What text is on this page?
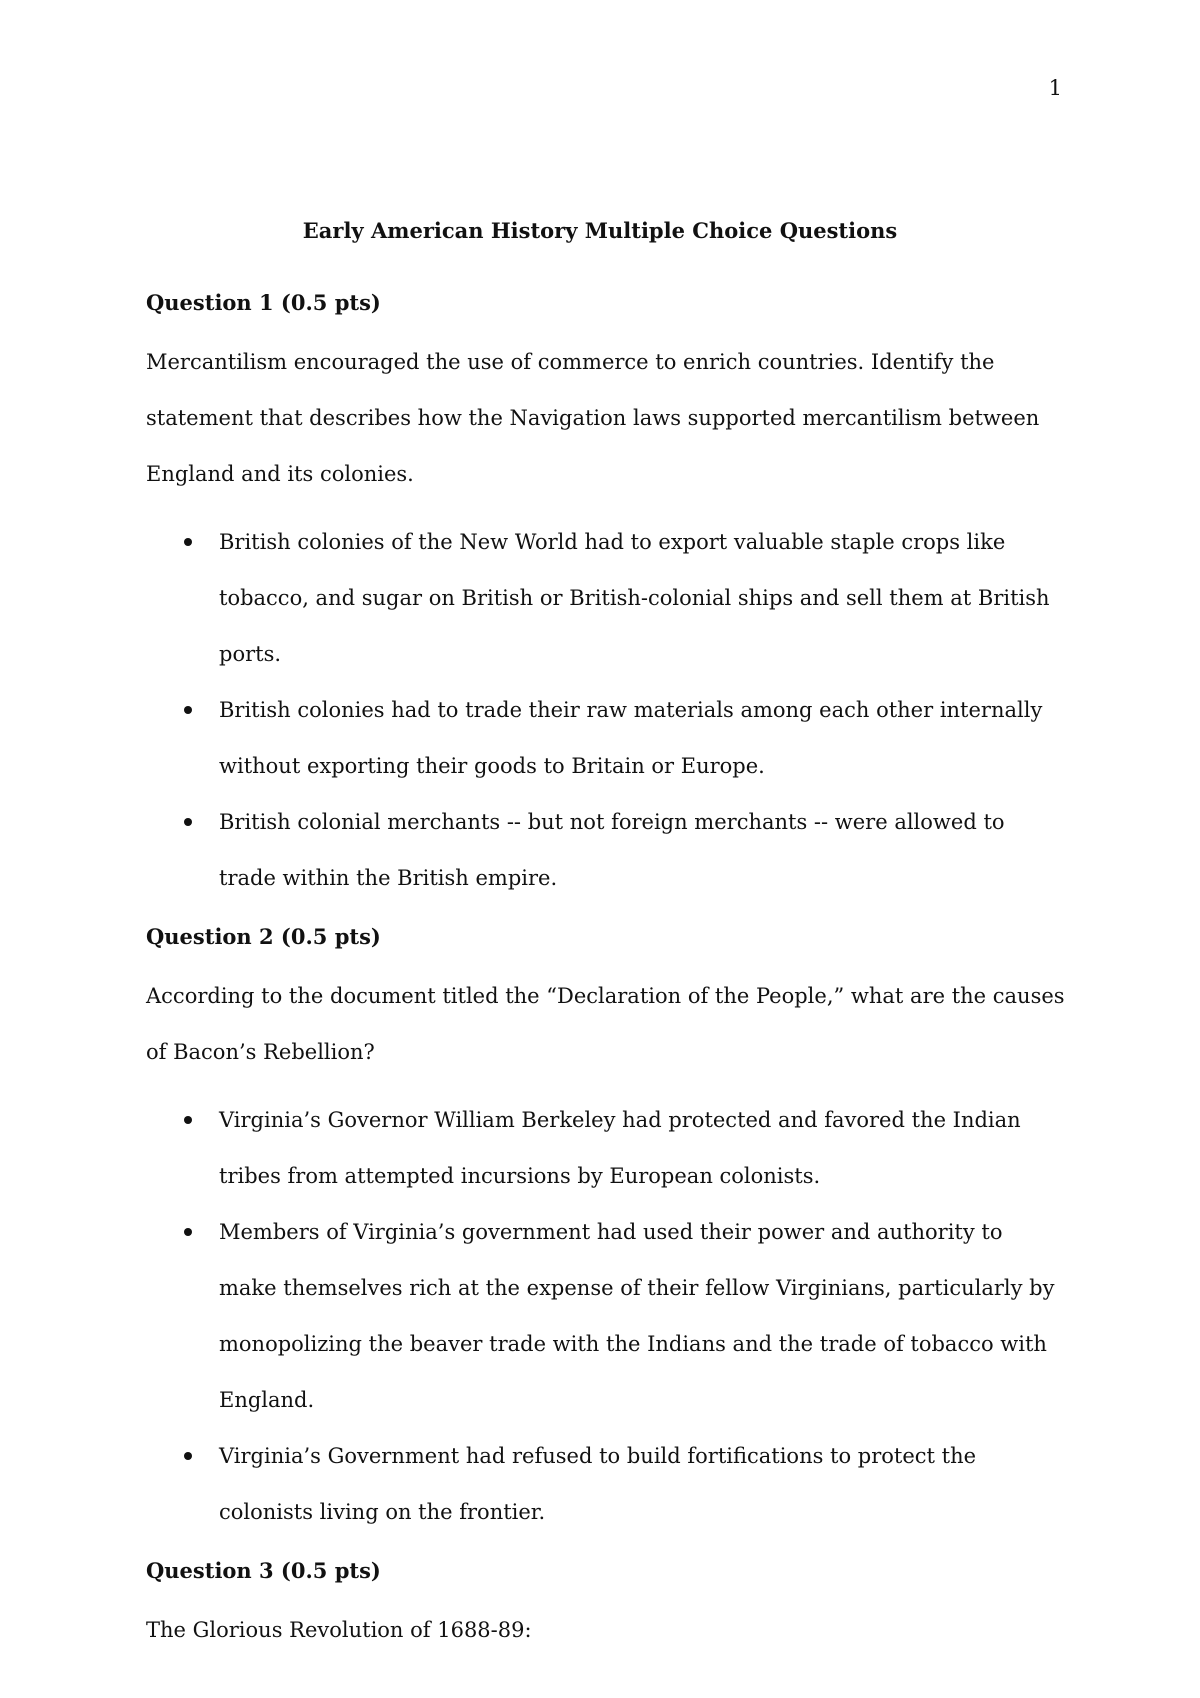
1
Early American History Multiple Choice Questions
Question 1 (0.5 pts)

Mercantilism encouraged the use of commerce to enrich countries. Identify the statement that describes how the Navigation laws supported mercantilism between England and its colonies.

British colonies of the New World had to export valuable staple crops like tobacco, and sugar on British or British-colonial ships and sell them at British ports.
British colonies had to trade their raw materials among each other internally without exporting their goods to Britain or Europe.
British colonial merchants -- but not foreign merchants -- were allowed to trade within the British empire.
Question 2 (0.5 pts)

According to the document titled the “Declaration of the People,” what are the causes of Bacon’s Rebellion?

Virginia’s Governor William Berkeley had protected and favored the Indian tribes from attempted incursions by European colonists.
Members of Virginia’s government had used their power and authority to make themselves rich at the expense of their fellow Virginians, particularly by monopolizing the beaver trade with the Indians and the trade of tobacco with England.
Virginia’s Government had refused to build fortifications to protect the colonists living on the frontier.
Question 3 (0.5 pts)

The Glorious Revolution of 1688-89:
